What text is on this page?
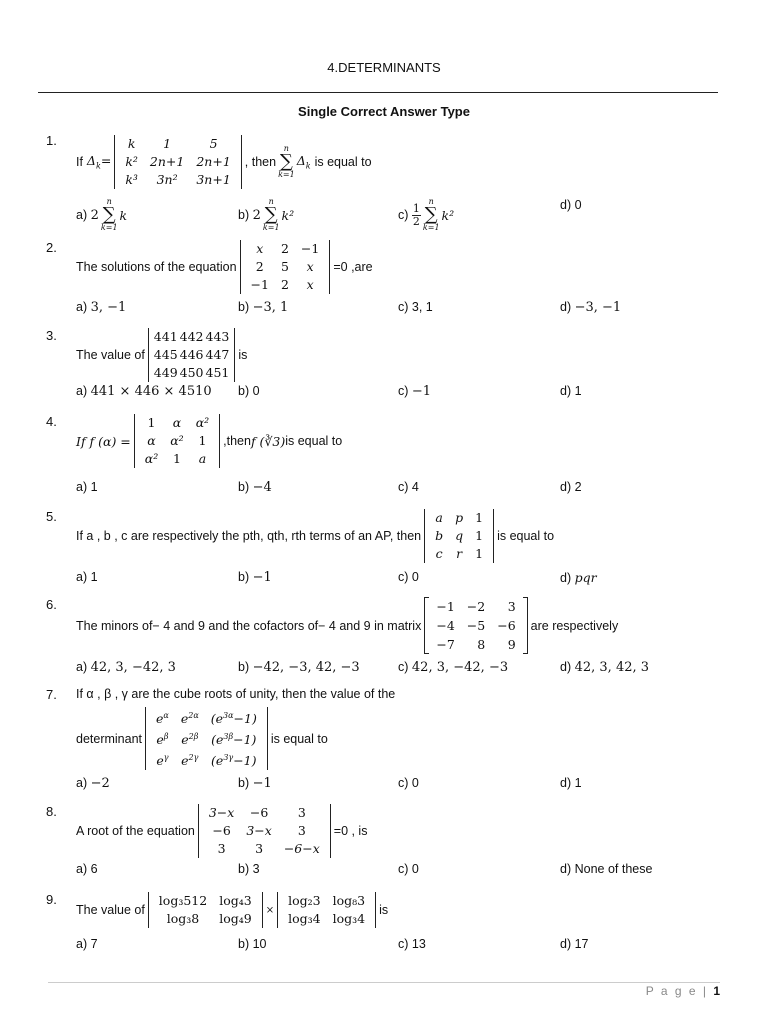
4.DETERMINANTS
Single Correct Answer Type
1.
If $\Delta_k=$
k	1	5
k²	2n+1	2n+1
k³	3n²	3n+1
, then
n
∑
k=1
$\Delta_k$ is equal to
a)
2
n
∑
k=1
k	b)
2
n
∑
k=1
k²	c)
$\frac{1}{2}$
n
∑
k=1
k²
d) 0
2.
The solutions of the equation
x	2	−1
2	5	x
−1	2	x
=0 ,are
a) 3, −1	b) −3, 1	c) 3, 1	d) −3, −1
3.
The value of
441	442	443
445	446	447
449	450	451
is
a) 441 × 446 × 4510 b) 0	c) −1	d) 1
4.
If f (α) =
1	α	α²
α	α²	1
α²	1	a
,then f (∛3) is equal to
a) 1	b) −4	c) 4	d) 2
5.
If a , b , c are respectively the pth, qth, rth terms of an AP, then
a	p	1
b	q	1
c	r	1
is equal to
a) 1	b) −1	c) 0	d) pqr
6.
The minors of− 4 and 9 and the cofactors of− 4 and 9 in matrix
−1	−2	3
−4	−5	−6
−7	8	9
are respectively
a) 42, 3, −42, 3	b) −42, −3, 42, −3	c) 42, 3, −42, −3	d) 42, 3, 42, 3
7. If α , β , γ are the cube roots of unity, then the value of the
determinant
$e^\alpha$	$e^{2\alpha}$	$(e^{3\alpha}-1)$
$e^\beta$	$e^{2\beta}$	$(e^{3\beta}-1)$
$e^\gamma$	$e^{2\gamma}$	$(e^{3\gamma}-1)$
is equal to
a) −2	b) −1	c) 0	d) 1
8.
A root of the equation
3−x	−6	3
−6	3−x	3
3	3	−6−x
=0 , is
a) 6	b) 3	c) 0	d) None of these
9.
The value of
log₃512	log₄3
log₃8	log₄9
×
log₂3	log₈3
log₃4	log₃4
is
a) 7	b) 10	c) 13	d) 17
P a g e | 1
